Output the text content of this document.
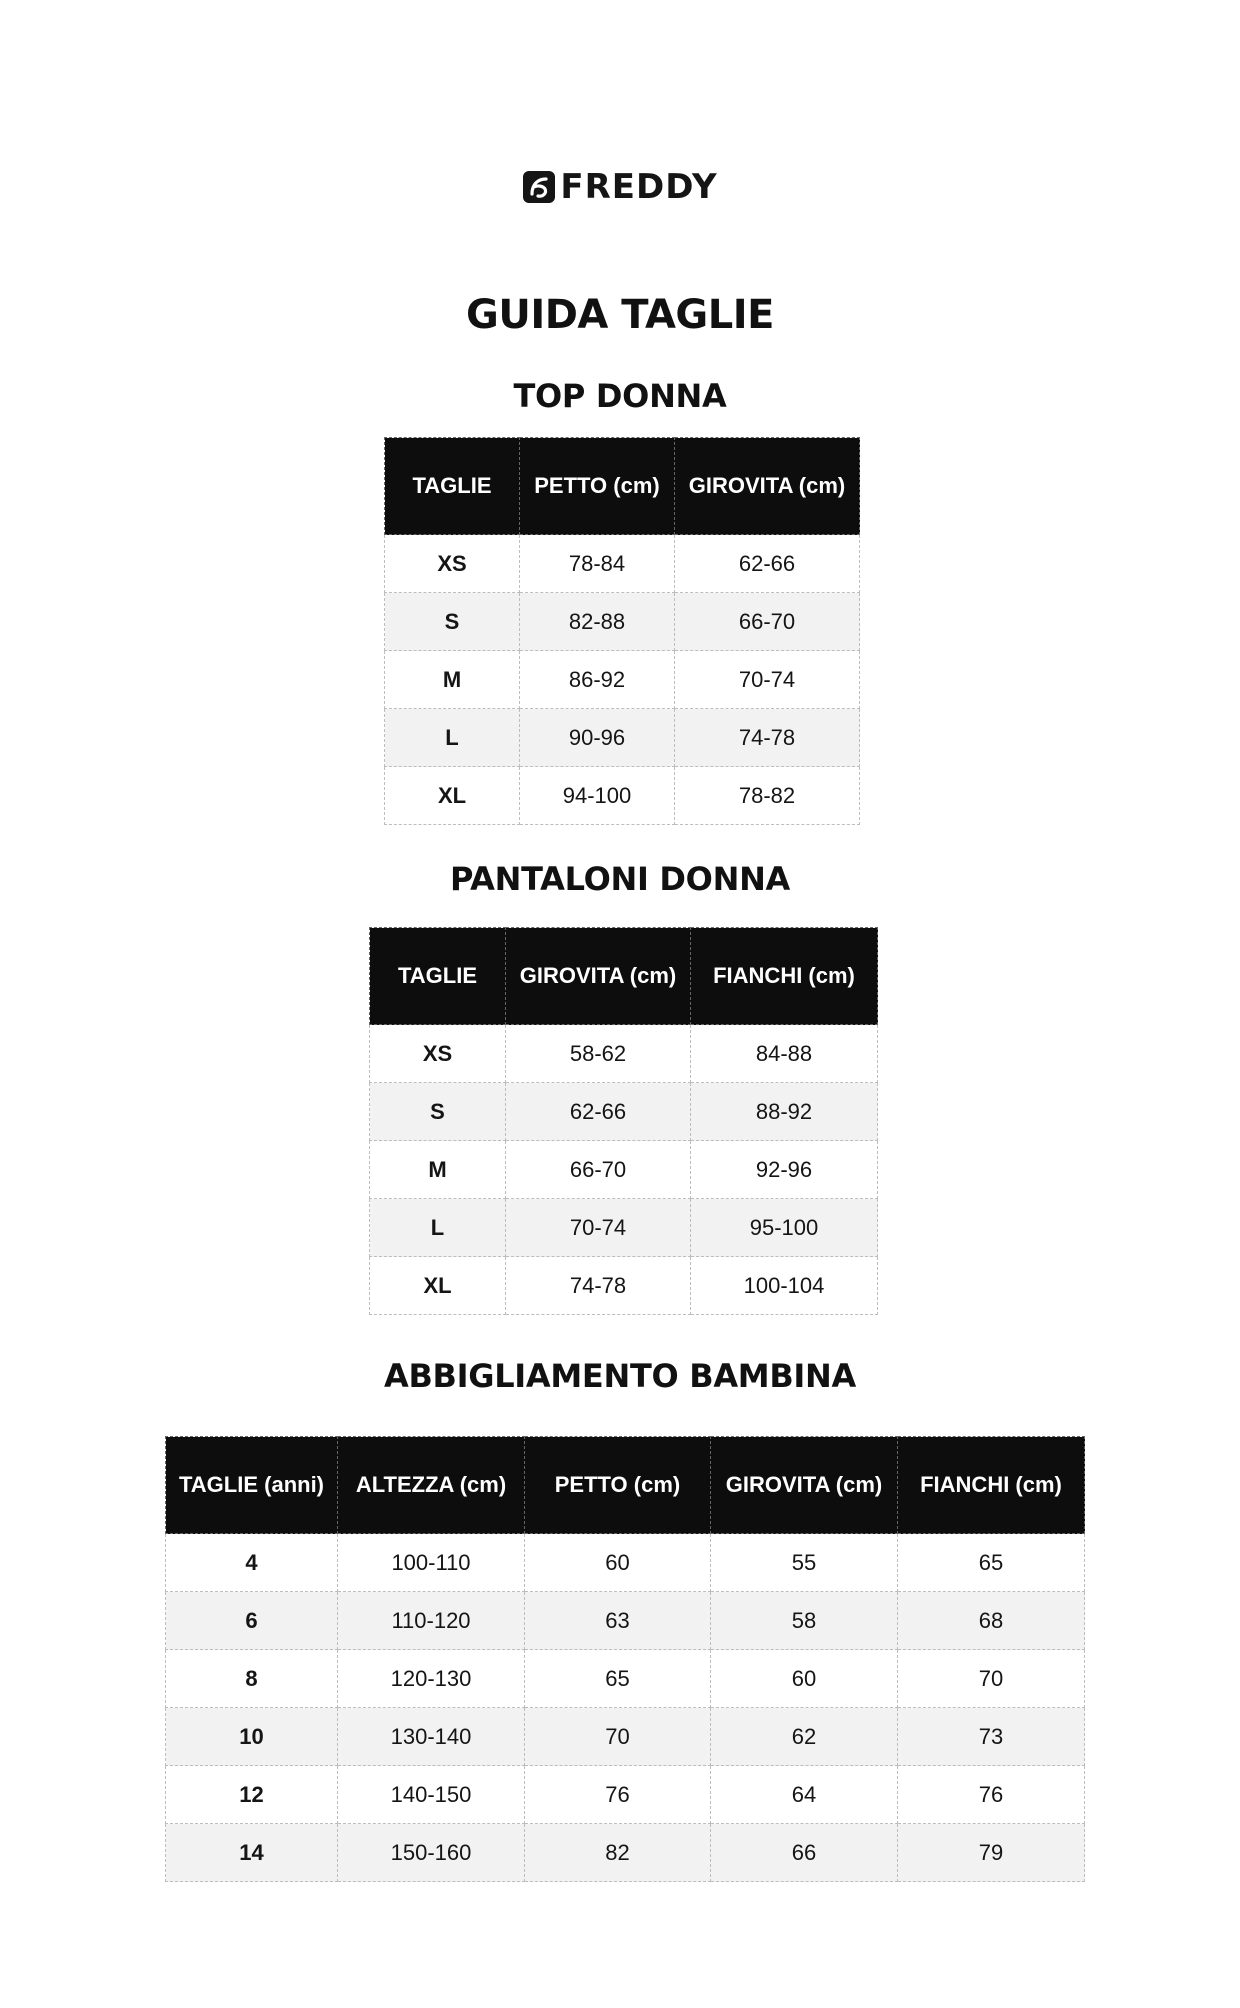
FREDDY
GUIDA TAGLIE
TOP DONNA
TAGLIE	PETTO (cm)	GIROVITA (cm)
XS	78-84	62-66
S	82-88	66-70
M	86-92	70-74
L	90-96	74-78
XL	94-100	78-82
PANTALONI DONNA
TAGLIE	GIROVITA (cm)	FIANCHI (cm)
XS	58-62	84-88
S	62-66	88-92
M	66-70	92-96
L	70-74	95-100
XL	74-78	100-104
ABBIGLIAMENTO BAMBINA
TAGLIE (anni)	ALTEZZA (cm)	PETTO (cm)	GIROVITA (cm)	FIANCHI (cm)
4	100-110	60	55	65
6	110-120	63	58	68
8	120-130	65	60	70
10	130-140	70	62	73
12	140-150	76	64	76
14	150-160	82	66	79
